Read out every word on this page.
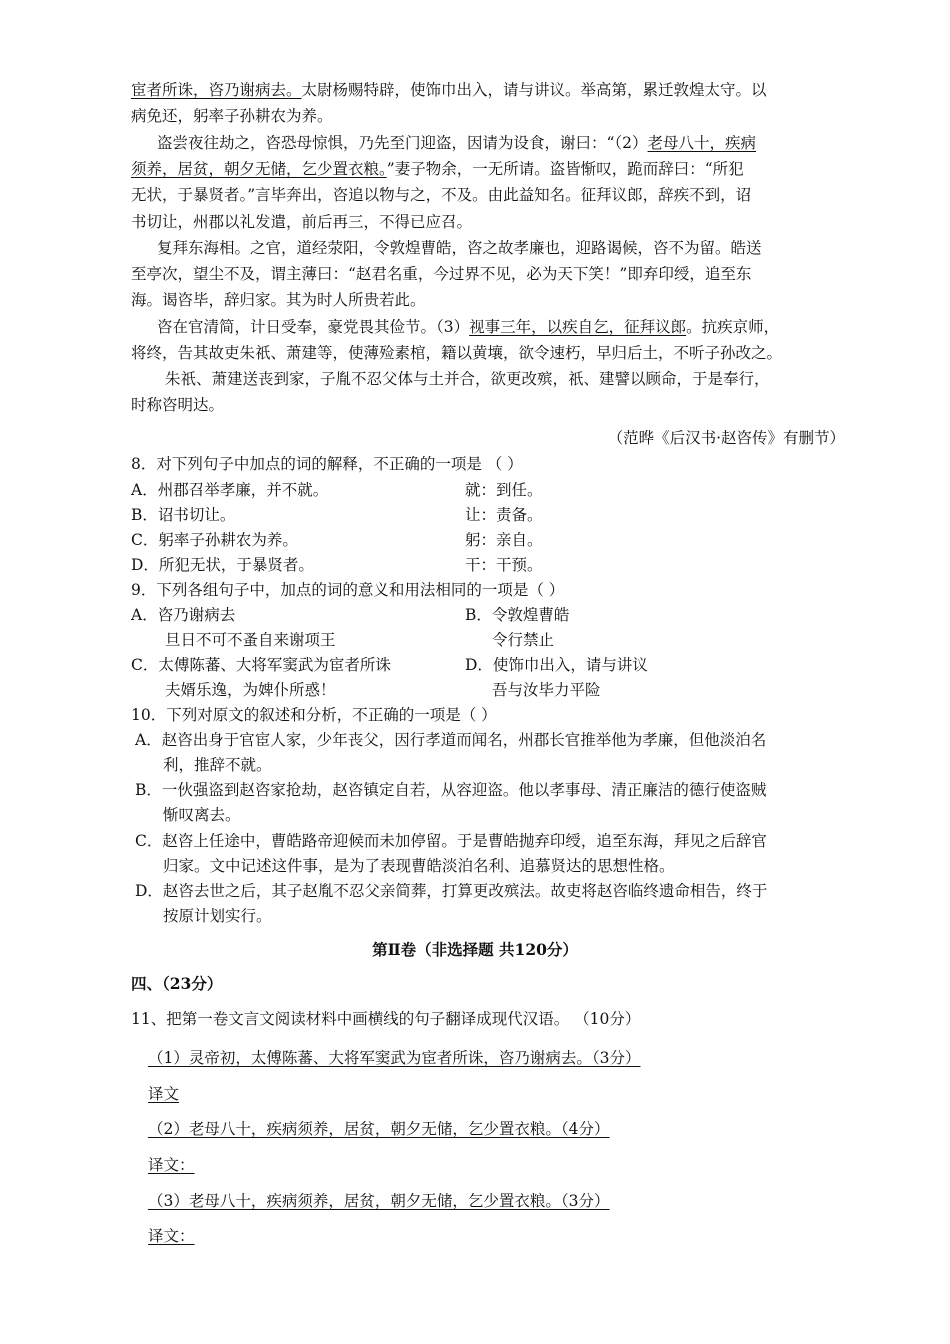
宦者所诛，咨乃谢病去。太尉杨赐特辟，使饰巾出入，请与讲议。举高第，累迁敦煌太守。以
病免还，躬率子孙耕农为养。
盗尝夜往劫之，咨恐母惊惧，乃先至门迎盗，因请为设食，谢曰：“（2）老母八十，疾病
须养，居贫，朝夕无储，乞少置衣粮。”妻子物余，一无所请。盗皆惭叹，跪而辞曰：“所犯
无状，于暴贤者。”言毕奔出，咨追以物与之，不及。由此益知名。征拜议郎，辞疾不到，诏
书切让，州郡以礼发遣，前后再三，不得已应召。
复拜东海相。之官，道经荥阳，令敦煌曹皓，咨之故孝廉也，迎路谒候，咨不为留。皓送
至亭次，望尘不及，谓主薄曰：“赵君名重，今过界不见，必为天下笑！”即弃印绶，追至东
海。谒咨毕，辞归家。其为时人所贵若此。
咨在官清简，计日受奉，豪党畏其俭节。（3）视事三年，以疾自乞，征拜议郎。抗疾京师，
将终，告其故吏朱祇、萧建等，使薄殓素棺，籍以黄壤，欲令速朽，早归后土，不听子孙改之。
朱祇、萧建送丧到家，子胤不忍父体与土并合，欲更改殡，祇、建譬以顾命，于是奉行，
时称咨明达。
（范晔《后汉书·赵咨传》有删节）
8．对下列句子中加点的词的解释，不正确的一项是 （ ）
A．州郡召举孝廉，并不就。	就：到任。
B．诏书切让。	让：责备。
C．躬率子孙耕农为养。	躬：亲自。
D．所犯无状，于暴贤者。	干：干预。
9．下列各组句子中，加点的词的意义和用法相同的一项是（ ）
A．咨乃谢病去	B．令敦煌曹皓
旦日不可不蚤自来谢项王	令行禁止
C．太傅陈蕃、大将军窦武为宦者所诛	D．使饰巾出入，请与讲议
夫婿乐逸，为婢仆所惑！	吾与汝毕力平险
10．下列对原文的叙述和分析，不正确的一项是（ ）
A．赵咨出身于官宦人家，少年丧父，因行孝道而闻名，州郡长官推举他为孝廉，但他淡泊名
利，推辞不就。
B．一伙强盗到赵咨家抢劫，赵咨镇定自若，从容迎盗。他以孝事母、清正廉洁的德行使盗贼
惭叹离去。
C．赵咨上任途中，曹皓路帝迎候而未加停留。于是曹皓抛弃印绶，追至东海，拜见之后辞官
归家。文中记述这件事，是为了表现曹皓淡泊名利、追慕贤达的思想性格。
D．赵咨去世之后，其子赵胤不忍父亲简葬，打算更改殡法。故吏将赵咨临终遗命相告，终于
按原计划实行。
第Ⅱ卷（非选择题 共120分）
四、（23分）
11、把第一卷文言文阅读材料中画横线的句子翻译成现代汉语。 （10分）
（1）灵帝初，太傅陈蕃、大将军窦武为宦者所诛，咨乃谢病去。（3分）
译文
（2）老母八十，疾病须养，居贫，朝夕无储，乞少置衣粮。（4分）
译文：
（3）老母八十，疾病须养，居贫，朝夕无储，乞少置衣粮。（3分）
译文：
